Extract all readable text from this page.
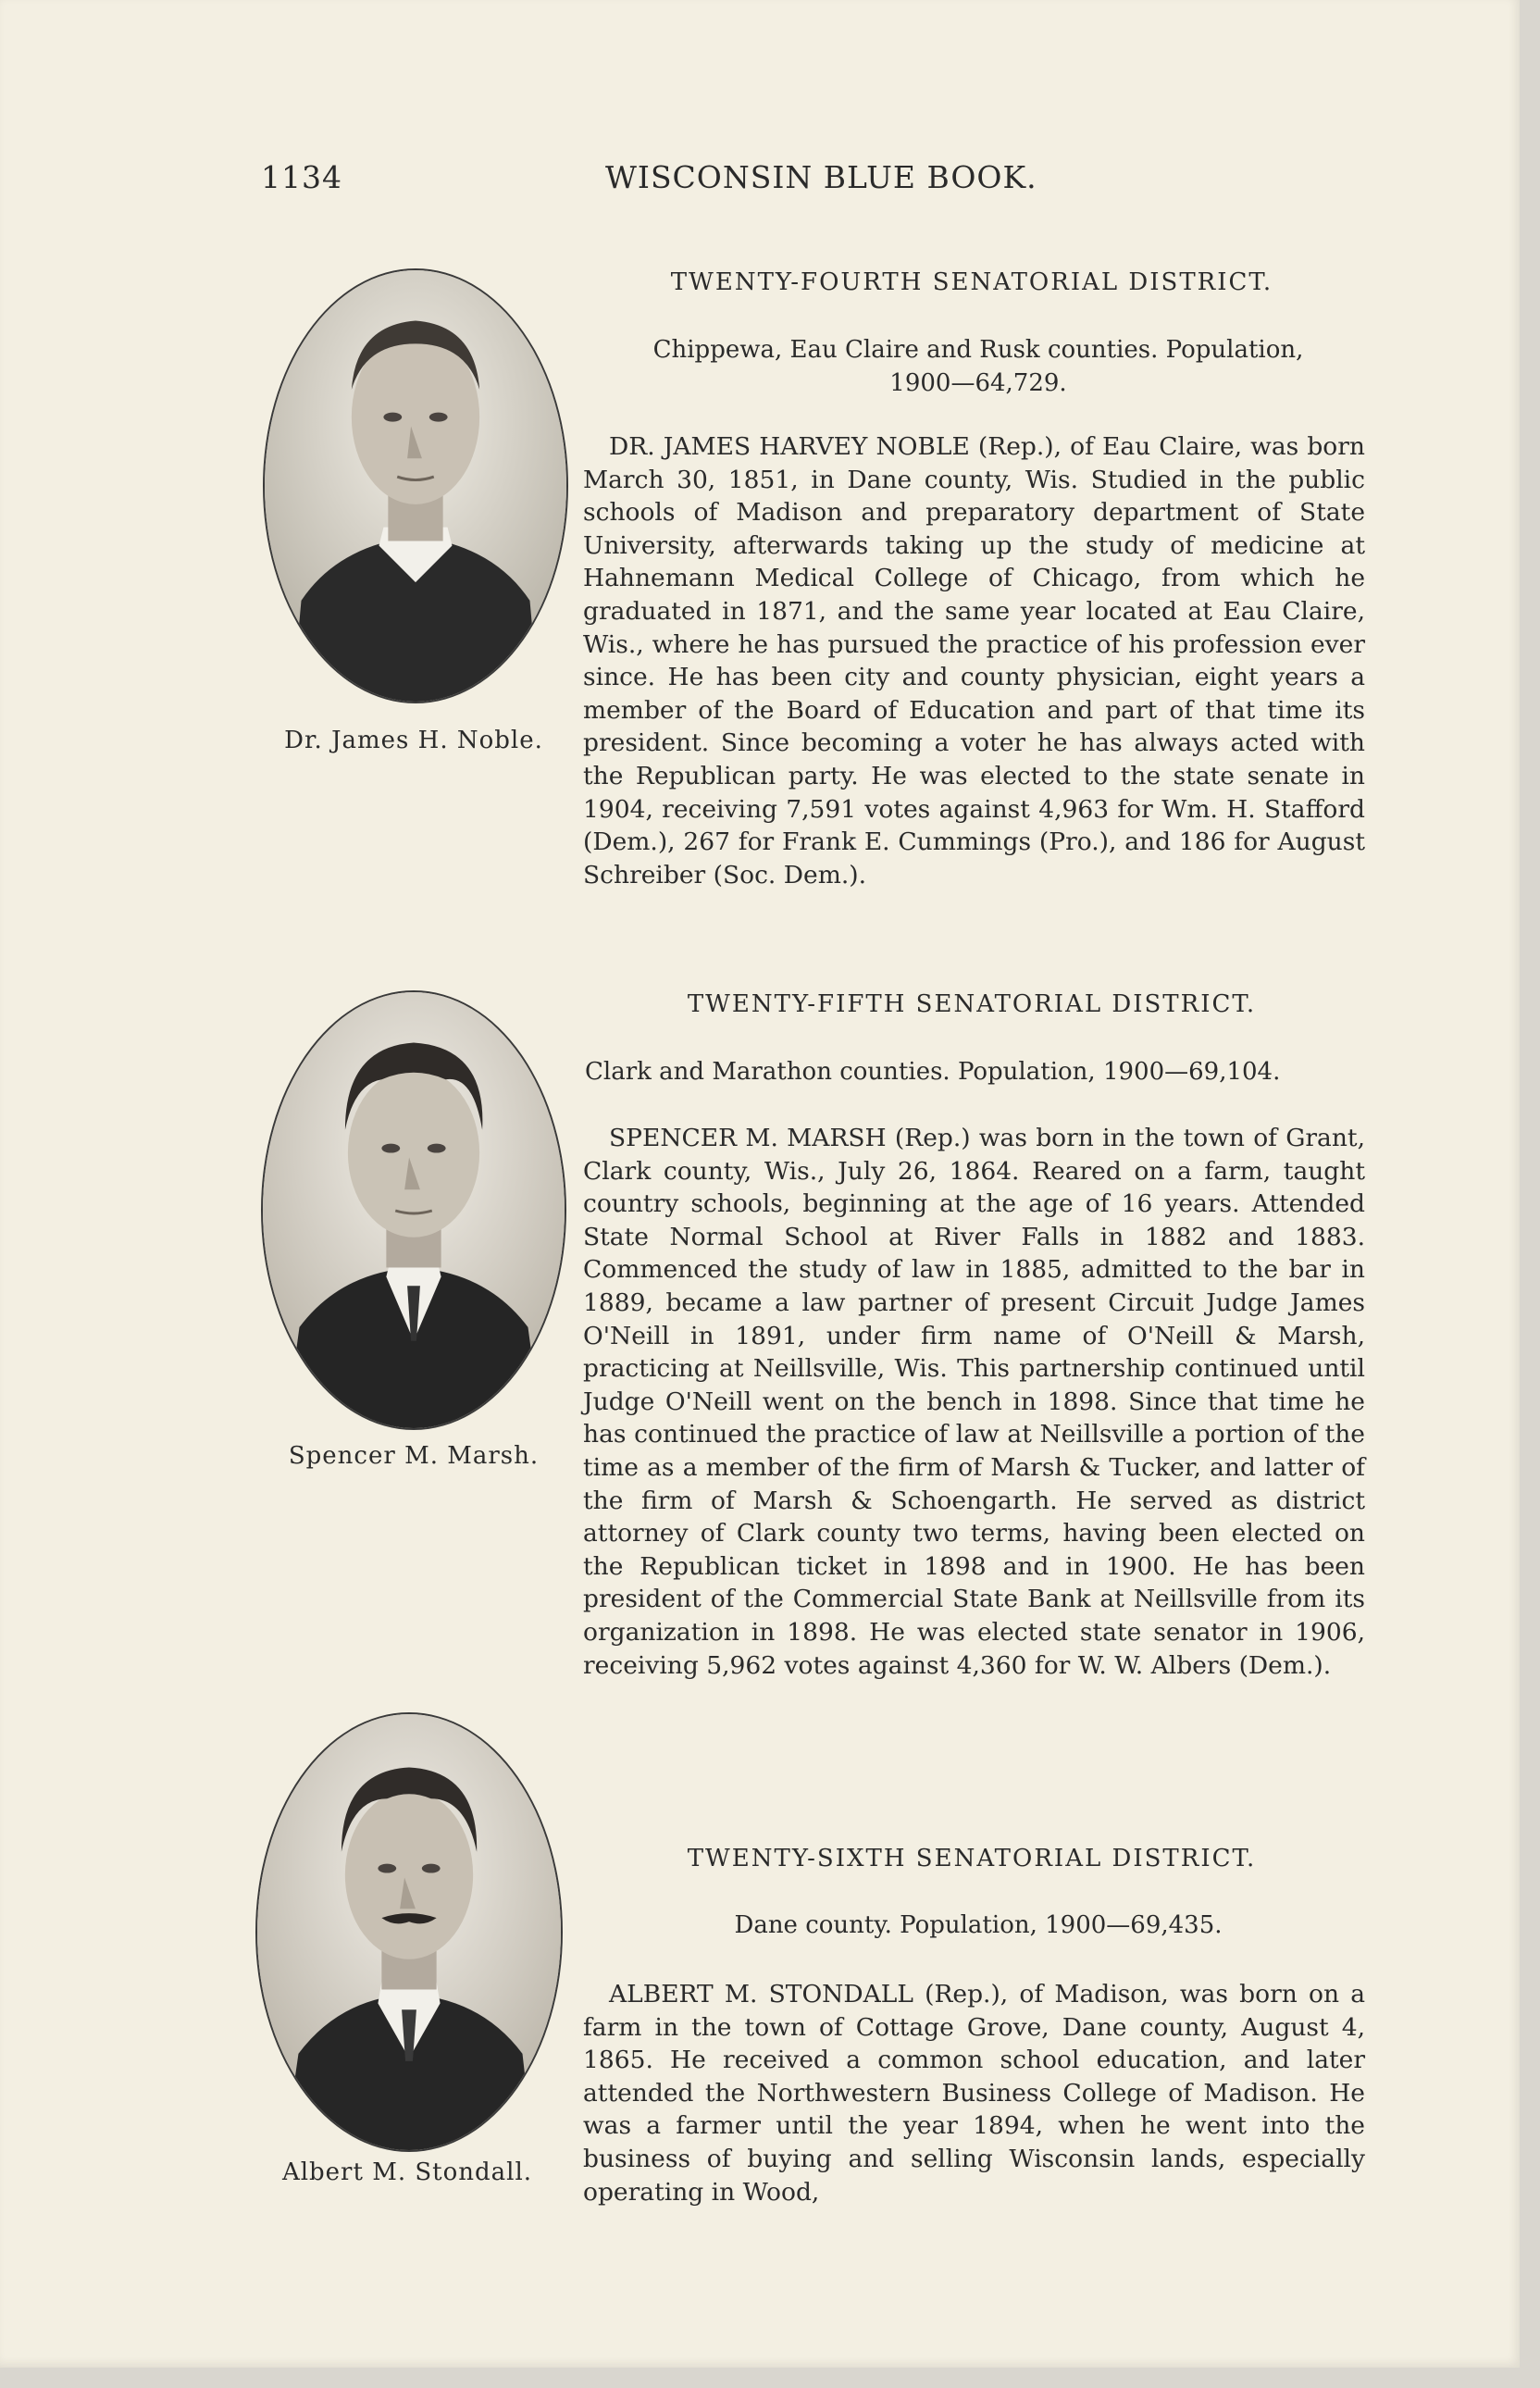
1134	WISCONSIN BLUE BOOK.
TWENTY-FOURTH SENATORIAL DISTRICT.
Chippewa, Eau Claire and Rusk counties. Population,
1900—64,729.
DR. JAMES HARVEY NOBLE (Rep.), of Eau Claire, was born March 30, 1851, in Dane county, Wis. Studied in the public schools of Madison and preparatory department of State University, afterwards taking up the study of medicine at Hahnemann Medical College of Chicago, from which he graduated in 1871, and the same year located at Eau Claire, Wis., where he has pursued the practice of his profession ever since. He has been city and county physician, eight years a member of the Board of Education and part of that time its president. Since becoming a voter he has always acted with the Republican party. He was elected to the state senate in 1904, receiving 7,591 votes against 4,963 for Wm. H. Stafford (Dem.), 267 for Frank E. Cummings (Pro.), and 186 for August Schreiber (Soc. Dem.).
Dr. James H. Noble.
TWENTY-FIFTH SENATORIAL DISTRICT.
Clark and Marathon counties. Population, 1900—69,104.
SPENCER M. MARSH (Rep.) was born in the town of Grant, Clark county, Wis., July 26, 1864. Reared on a farm, taught country schools, beginning at the age of 16 years. Attended State Normal School at River Falls in 1882 and 1883. Commenced the study of law in 1885, admitted to the bar in 1889, became a law partner of present Circuit Judge James O'Neill in 1891, under firm name of O'Neill & Marsh, practicing at Neillsville, Wis. This partnership continued until Judge O'Neill went on the bench in 1898. Since that time he has continued the practice of law at Neillsville a portion of the time as a member of the firm of Marsh & Tucker, and latter of the firm of Marsh & Schoengarth. He served as district attorney of Clark county two terms, having been elected on the Republican ticket in 1898 and in 1900. He has been president of the Commercial State Bank at Neillsville from its organization in 1898. He was elected state senator in 1906, receiving 5,962 votes against 4,360 for W. W. Albers (Dem.).
Spencer M. Marsh.
TWENTY-SIXTH SENATORIAL DISTRICT.
Dane county. Population, 1900—69,435.
ALBERT M. STONDALL (Rep.), of Madison, was born on a farm in the town of Cottage Grove, Dane county, August 4, 1865. He received a common school education, and later attended the Northwestern Business College of Madison. He was a farmer until the year 1894, when he went into the business of buying and selling Wisconsin lands, especially operating in Wood,
Albert M. Stondall.
